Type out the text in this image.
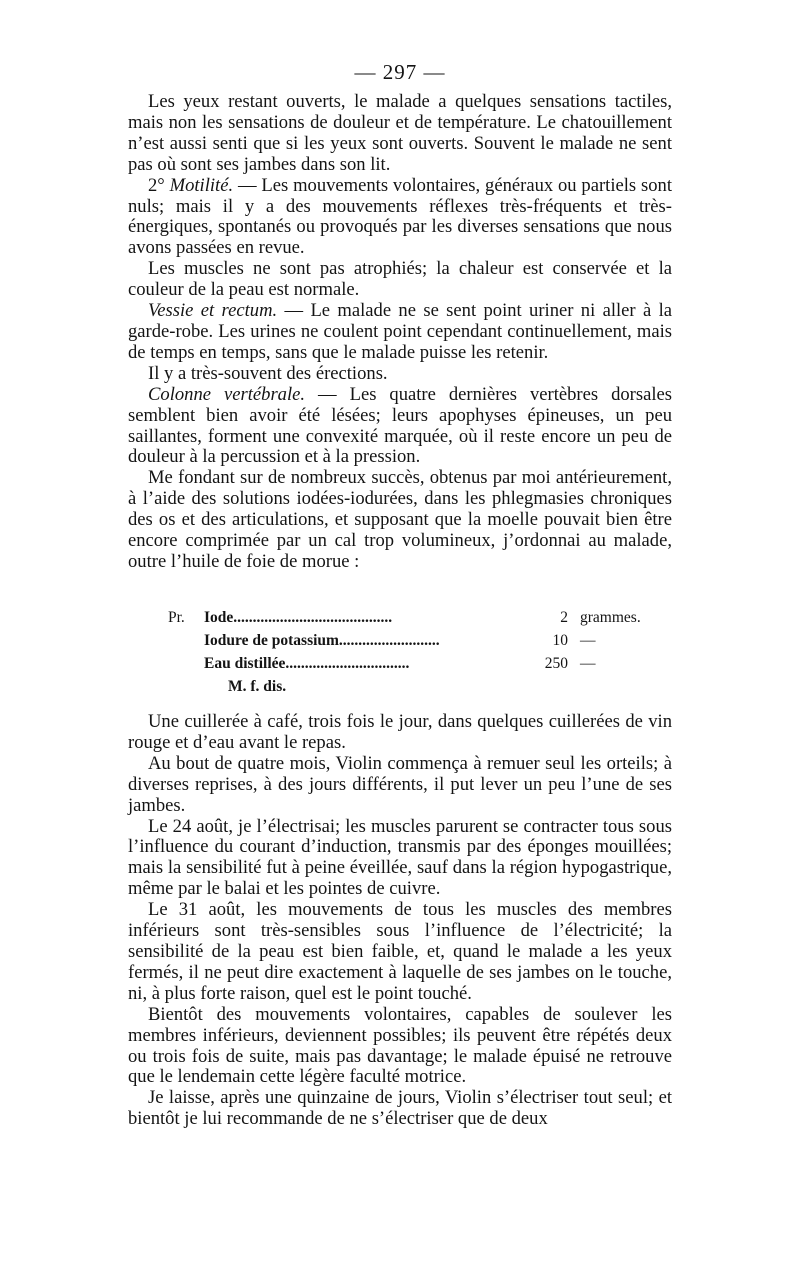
— 297 —

Les yeux restant ouverts, le malade a quelques sensations tactiles, mais non les sensations de douleur et de température. Le chatouillement n’est aussi senti que si les yeux sont ouverts. Souvent le malade ne sent pas où sont ses jambes dans son lit.

2° Motilité. — Les mouvements volontaires, généraux ou partiels sont nuls; mais il y a des mouvements réflexes très-fréquents et très-énergiques, spontanés ou provoqués par les diverses sensations que nous avons passées en revue.

Les muscles ne sont pas atrophiés; la chaleur est conservée et la couleur de la peau est normale.

Vessie et rectum. — Le malade ne se sent point uriner ni aller à la garde-robe. Les urines ne coulent point cependant continuellement, mais de temps en temps, sans que le malade puisse les retenir.

Il y a très-souvent des érections.

Colonne vertébrale. — Les quatre dernières vertèbres dorsales semblent bien avoir été lésées; leurs apophyses épineuses, un peu saillantes, forment une convexité marquée, où il reste encore un peu de douleur à la percussion et à la pression.

Me fondant sur de nombreux succès, obtenus par moi antérieurement, à l’aide des solutions iodées-iodurées, dans les phlegmasies chroniques des os et des articulations, et supposant que la moelle pouvait bien être encore comprimée par un cal trop volumineux, j’ordonnai au malade, outre l’huile de foie de morue :

Pr. Iode.........................................	2 grammes.
Iodure de potassium..........................	10 —
Eau distillée................................	250 —
M. f. dis.

Une cuillerée à café, trois fois le jour, dans quelques cuillerées de vin rouge et d’eau avant le repas.

Au bout de quatre mois, Violin commença à remuer seul les orteils; à diverses reprises, à des jours différents, il put lever un peu l’une de ses jambes.

Le 24 août, je l’électrisai; les muscles parurent se contracter tous sous l’influence du courant d’induction, transmis par des éponges mouillées; mais la sensibilité fut à peine éveillée, sauf dans la région hypogastrique, même par le balai et les pointes de cuivre.

Le 31 août, les mouvements de tous les muscles des membres inférieurs sont très-sensibles sous l’influence de l’électricité; la sensibilité de la peau est bien faible, et, quand le malade a les yeux fermés, il ne peut dire exactement à laquelle de ses jambes on le touche, ni, à plus forte raison, quel est le point touché.

Bientôt des mouvements volontaires, capables de soulever les membres inférieurs, deviennent possibles; ils peuvent être répétés deux ou trois fois de suite, mais pas davantage; le malade épuisé ne retrouve que le lendemain cette légère faculté motrice.

Je laisse, après une quinzaine de jours, Violin s’électriser tout seul; et bientôt je lui recommande de ne s’électriser que de deux
